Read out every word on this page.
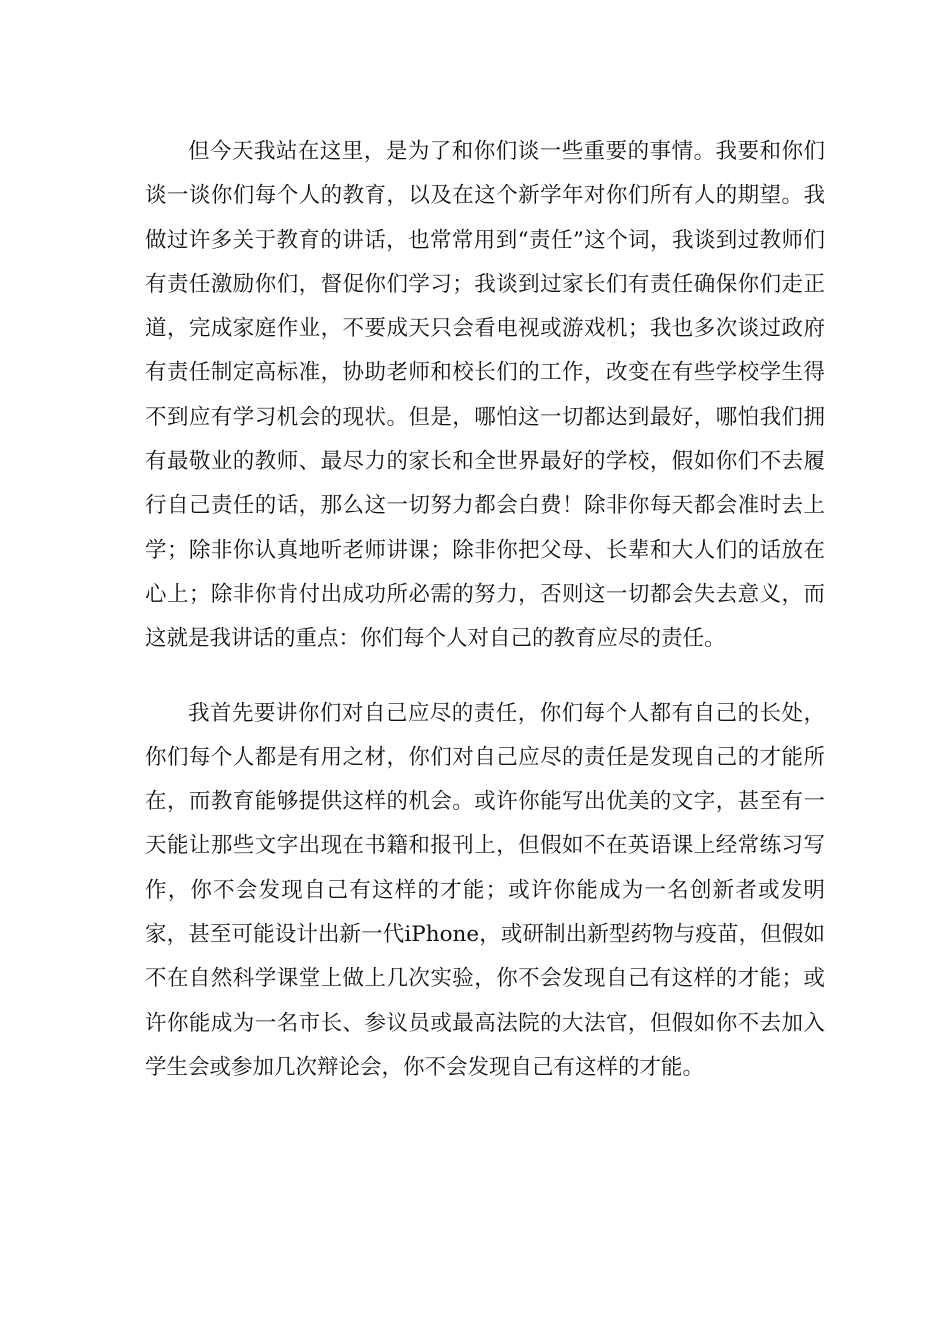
但今天我站在这里，是为了和你们谈一些重要的事情。我要和你们谈一谈你们每个人的教育，以及在这个新学年对你们所有人的期望。我做过许多关于教育的讲话，也常常用到“责任”这个词，我谈到过教师们有责任激励你们，督促你们学习；我谈到过家长们有责任确保你们走正道，完成家庭作业，不要成天只会看电视或游戏机；我也多次谈过政府有责任制定高标准，协助老师和校长们的工作，改变在有些学校学生得不到应有学习机会的现状。但是，哪怕这一切都达到最好，哪怕我们拥有最敬业的教师、最尽力的家长和全世界最好的学校，假如你们不去履行自己责任的话，那么这一切努力都会白费！除非你每天都会准时去上学；除非你认真地听老师讲课；除非你把父母、长辈和大人们的话放在心上；除非你肯付出成功所必需的努力，否则这一切都会失去意义，而这就是我讲话的重点：你们每个人对自己的教育应尽的责任。

我首先要讲你们对自己应尽的责任，你们每个人都有自己的长处，你们每个人都是有用之材，你们对自己应尽的责任是发现自己的才能所在，而教育能够提供这样的机会。或许你能写出优美的文字，甚至有一天能让那些文字出现在书籍和报刊上，但假如不在英语课上经常练习写作，你不会发现自己有这样的才能；或许你能成为一名创新者或发明家，甚至可能设计出新一代iPhone，或研制出新型药物与疫苗，但假如不在自然科学课堂上做上几次实验，你不会发现自己有这样的才能；或许你能成为一名市长、参议员或最高法院的大法官，但假如你不去加入学生会或参加几次辩论会，你不会发现自己有这样的才能。
